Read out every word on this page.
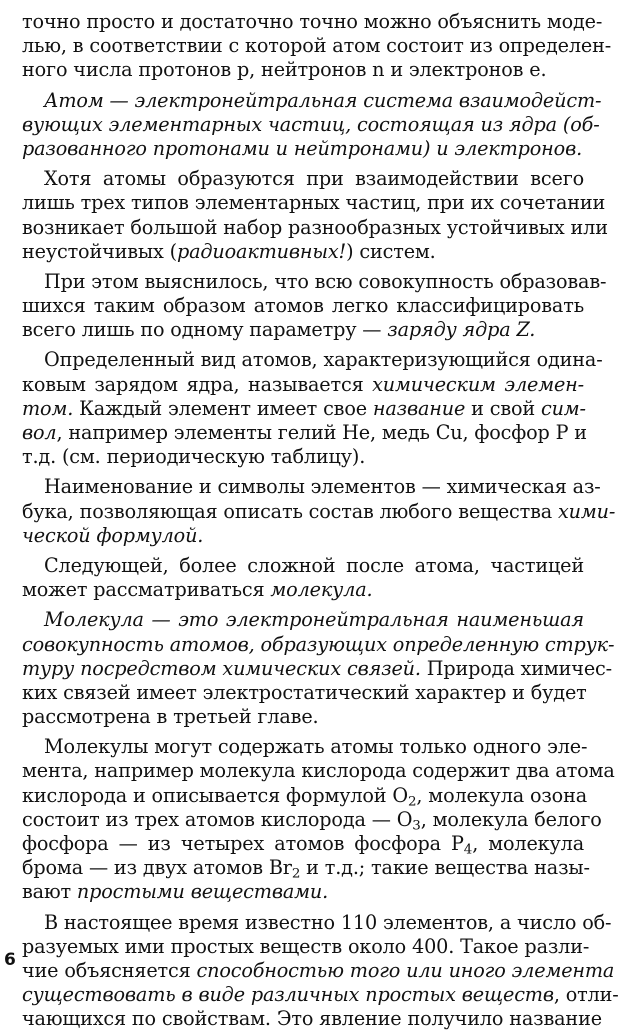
точно просто и достаточно точно можно объяснить моде-
лью, в соответствии с которой атом состоит из определен-
ного числа протонов p, нейтронов n и электронов e.
Атом — электронейтральная система взаимодейст-
вующих элементарных частиц, состоящая из ядра (об-
разованного протонами и нейтронами) и электронов.
Хотя атомы образуются при взаимодействии всего
лишь трех типов элементарных частиц, при их сочетании
возникает большой набор разнообразных устойчивых или
неустойчивых (радиоактивных!) систем.
При этом выяснилось, что всю совокупность образовав-
шихся таким образом атомов легко классифицировать
всего лишь по одному параметру — заряду ядра Z.
Определенный вид атомов, характеризующийся одина-
ковым зарядом ядра, называется химическим элемен-
том. Каждый элемент имеет свое название и свой сим-
вол, например элементы гелий He, медь Cu, фосфор P и
т.д. (см. периодическую таблицу).
Наименование и символы элементов — химическая аз-
бука, позволяющая описать состав любого вещества хими-
ческой формулой.
Следующей, более сложной после атома, частицей
может рассматриваться молекула.
Молекула — это электронейтральная наименьшая
совокупность атомов, образующих определенную струк-
туру посредством химических связей. Природа химичес-
ких связей имеет электростатический характер и будет
рассмотрена в третьей главе.
Молекулы могут содержать атомы только одного эле-
мента, например молекула кислорода содержит два атома
кислорода и описывается формулой $O_2$, молекула озона
состоит из трех атомов кислорода — $O_3$, молекула белого
фосфора — из четырех атомов фосфора $P_4$, молекула
брома — из двух атомов $Br_2$ и т.д.; такие вещества назы-
вают простыми веществами.
В настоящее время известно 110 элементов, а число об-
разуемых ими простых веществ около 400. Такое разли-
чие объясняется способностью того или иного элемента
существовать в виде различных простых веществ, отли-
чающихся по свойствам. Это явление получило название
6
